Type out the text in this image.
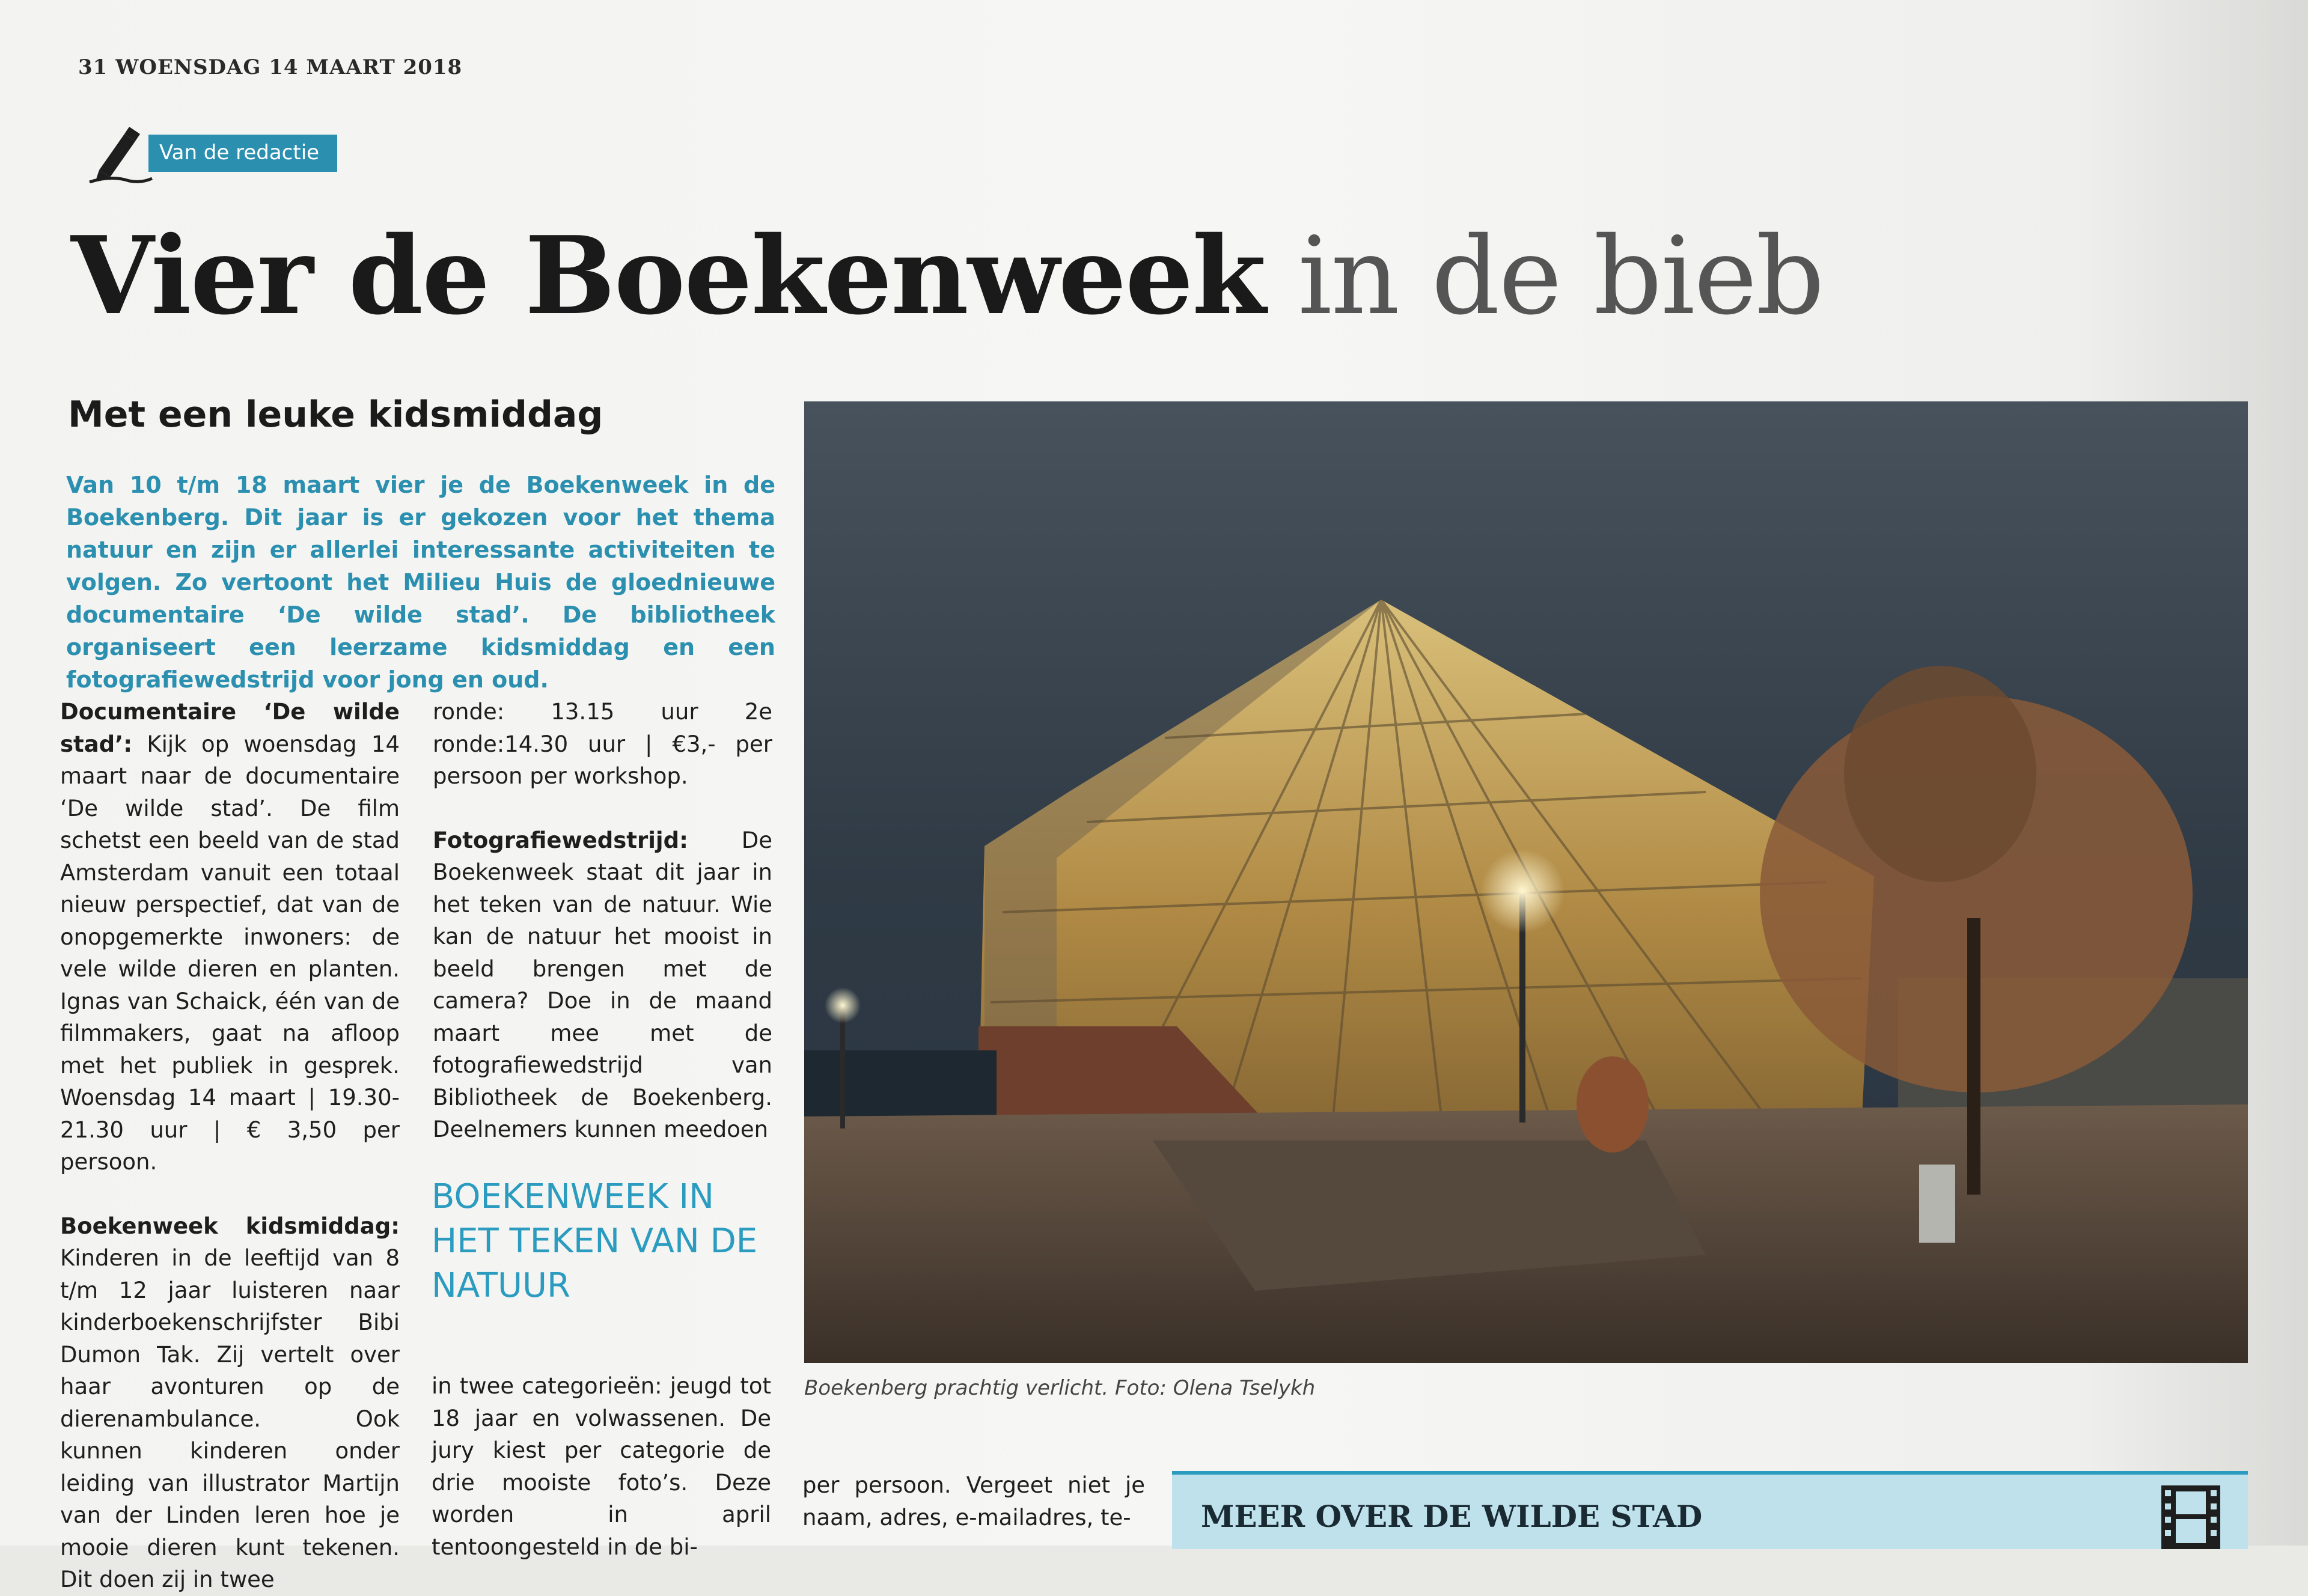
31 WOENSDAG 14 MAART 2018
Van de redactie
Vier de Boekenweek in de bieb
Met een leuke kidsmiddag
Van 10 t/m 18 maart vier je de Boekenweek in de Boekenberg. Dit jaar is er gekozen voor het thema natuur en zijn er allerlei interessante activiteiten te volgen. Zo vertoont het Milieu Huis de gloednieuwe documentaire ‘De wilde stad’. De bibliotheek organiseert een leerzame kidsmiddag en een fotografiewedstrijd voor jong en oud.

Documentaire ‘De wilde stad’: Kijk op woensdag 14 maart naar de documentaire ‘De wilde stad’. De film schetst een beeld van de stad Amsterdam vanuit een totaal nieuw perspectief, dat van de onopgemerkte inwoners: de vele wilde dieren en planten. Ignas van Schaick, één van de filmmakers, gaat na afloop met het publiek in gesprek. Woensdag 14 maart | 19.30-21.30 uur | € 3,50 per persoon.

Boekenweek kidsmiddag: Kinderen in de leeftijd van 8 t/m 12 jaar luisteren naar kinderboekenschrijfster Bibi Dumon Tak. Zij vertelt over haar avonturen op de dierenambulance. Ook kunnen kinderen onder leiding van illustrator Martijn van der Linden leren hoe je mooie dieren kunt tekenen. Dit doen zij in twee

ronde: 13.15 uur 2e ronde:14.30 uur | €3,- per persoon per workshop.

Fotografiewedstrijd: De Boekenweek staat dit jaar in het teken van de natuur. Wie kan de natuur het mooist in beeld brengen met de camera? Doe in de maand maart mee met de fotografiewedstrijd van Bibliotheek de Boekenberg. Deelnemers kunnen meedoen

BOEKENWEEK IN HET TEKEN VAN DE NATUUR

in twee categorieën: jeugd tot 18 jaar en volwassenen. De jury kiest per categorie de drie mooiste foto’s. Deze worden in april tentoongesteld in de bi-

Boekenberg prachtig verlicht. Foto: Olena Tselykh

per persoon. Vergeet niet je naam, adres, e-mailadres, te-	MEER OVER DE WILDE STAD
